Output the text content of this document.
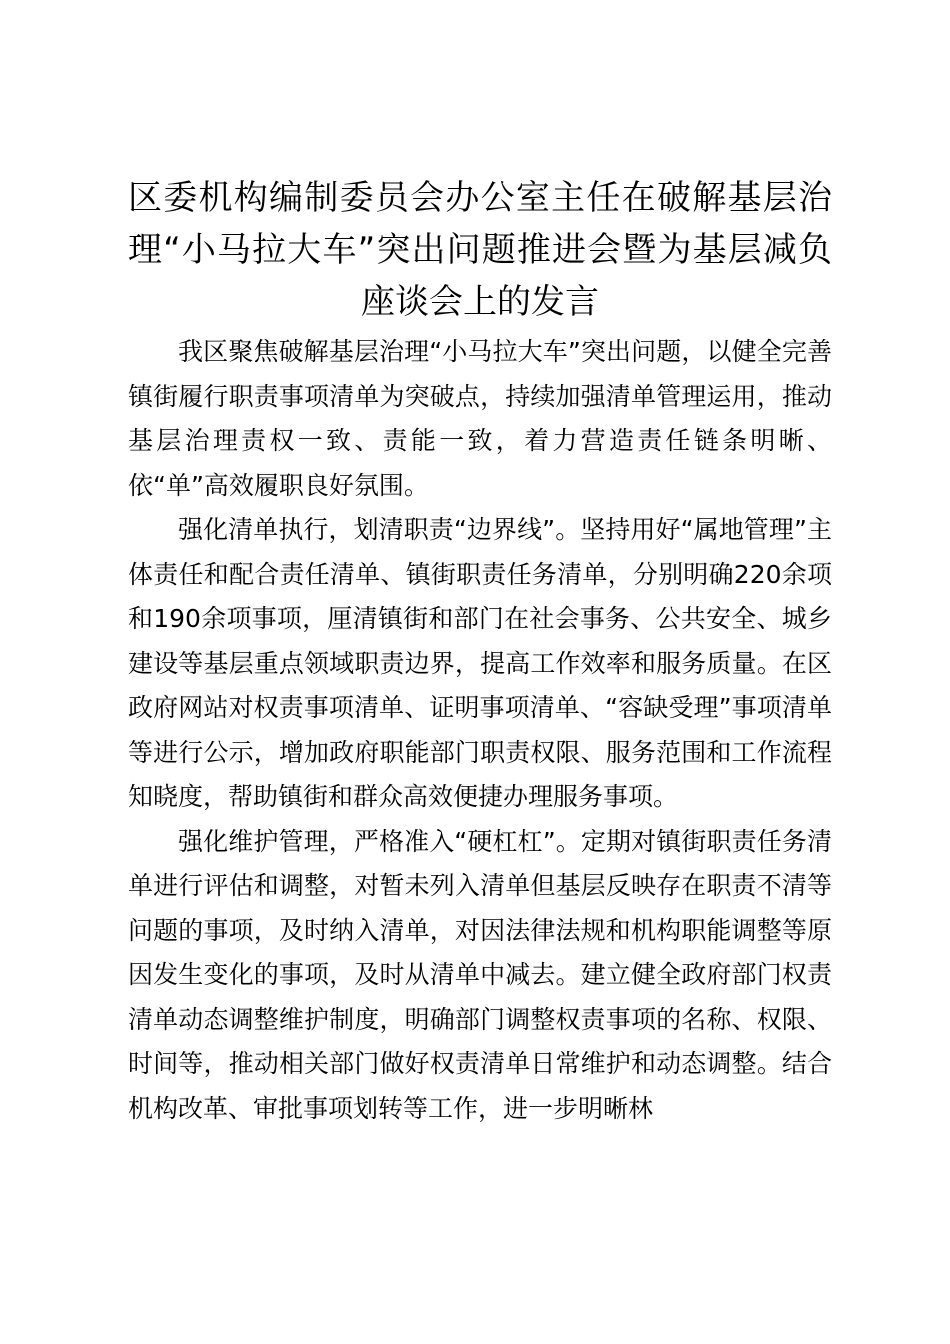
区委机构编制委员会办公室主任在破解基层治理“小马拉大车”突出问题推进会暨为基层减负座谈会上的发言

我区聚焦破解基层治理“小马拉大车”突出问题，以健全完善镇街履行职责事项清单为突破点，持续加强清单管理运用，推动基层治理责权一致、责能一致，着力营造责任链条明晰、依“单”高效履职良好氛围。

强化清单执行，划清职责“边界线”。坚持用好“属地管理”主体责任和配合责任清单、镇街职责任务清单，分别明确220余项和190余项事项，厘清镇街和部门在社会事务、公共安全、城乡建设等基层重点领域职责边界，提高工作效率和服务质量。在区政府网站对权责事项清单、证明事项清单、“容缺受理”事项清单等进行公示，增加政府职能部门职责权限、服务范围和工作流程知晓度，帮助镇街和群众高效便捷办理服务事项。

强化维护管理，严格准入“硬杠杠”。定期对镇街职责任务清单进行评估和调整，对暂未列入清单但基层反映存在职责不清等问题的事项，及时纳入清单，对因法律法规和机构职能调整等原因发生变化的事项，及时从清单中减去。建立健全政府部门权责清单动态调整维护制度，明确部门调整权责事项的名称、权限、时间等，推动相关部门做好权责清单日常维护和动态调整。结合机构改革、审批事项划转等工作，进一步明晰林
